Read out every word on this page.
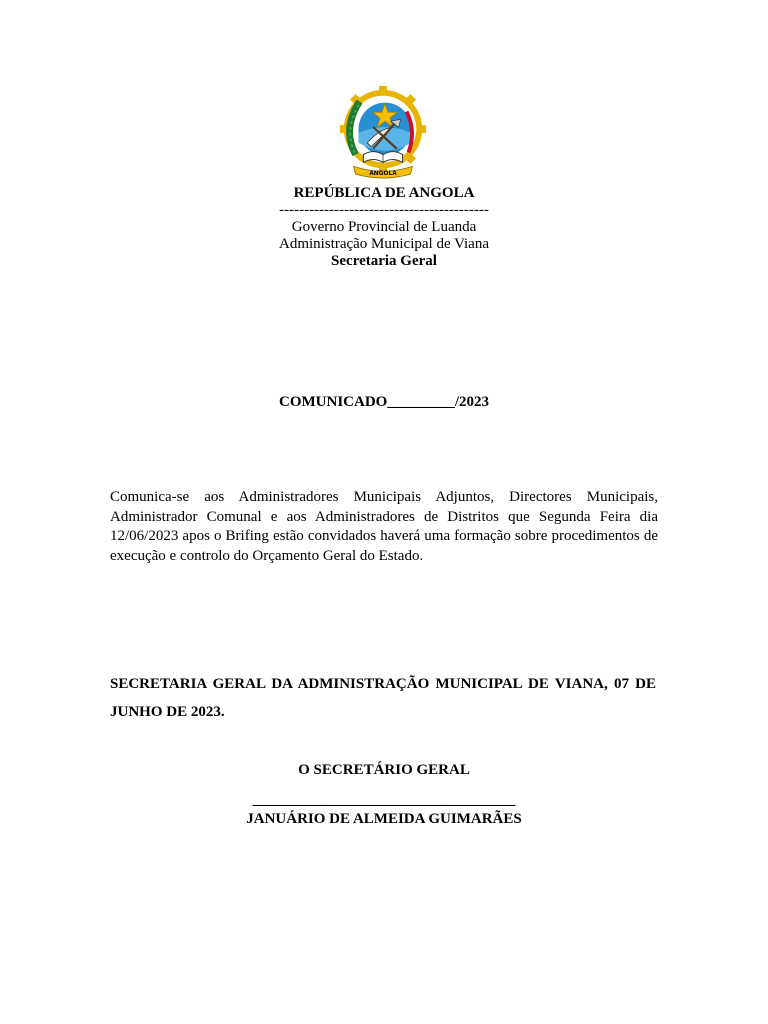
ANGOLA
REPÚBLICA DE ANGOLA
------------------------------------------
Governo Provincial de Luanda
Administração Municipal de Viana
Secretaria Geral
COMUNICADO_________/2023
Comunica-se aos Administradores Municipais Adjuntos, Directores Municipais, Administrador Comunal e aos Administradores de Distritos que Segunda Feira dia 12/06/2023 apos o Brifing estão convidados haverá uma formação sobre procedimentos de execução e controlo do Orçamento Geral do Estado.
SECRETARIA GERAL DA ADMINISTRAÇÃO MUNICIPAL DE VIANA, 07 DE JUNHO DE 2023.
O SECRETÁRIO GERAL
___________________________________
JANUÁRIO DE ALMEIDA GUIMARÃES
